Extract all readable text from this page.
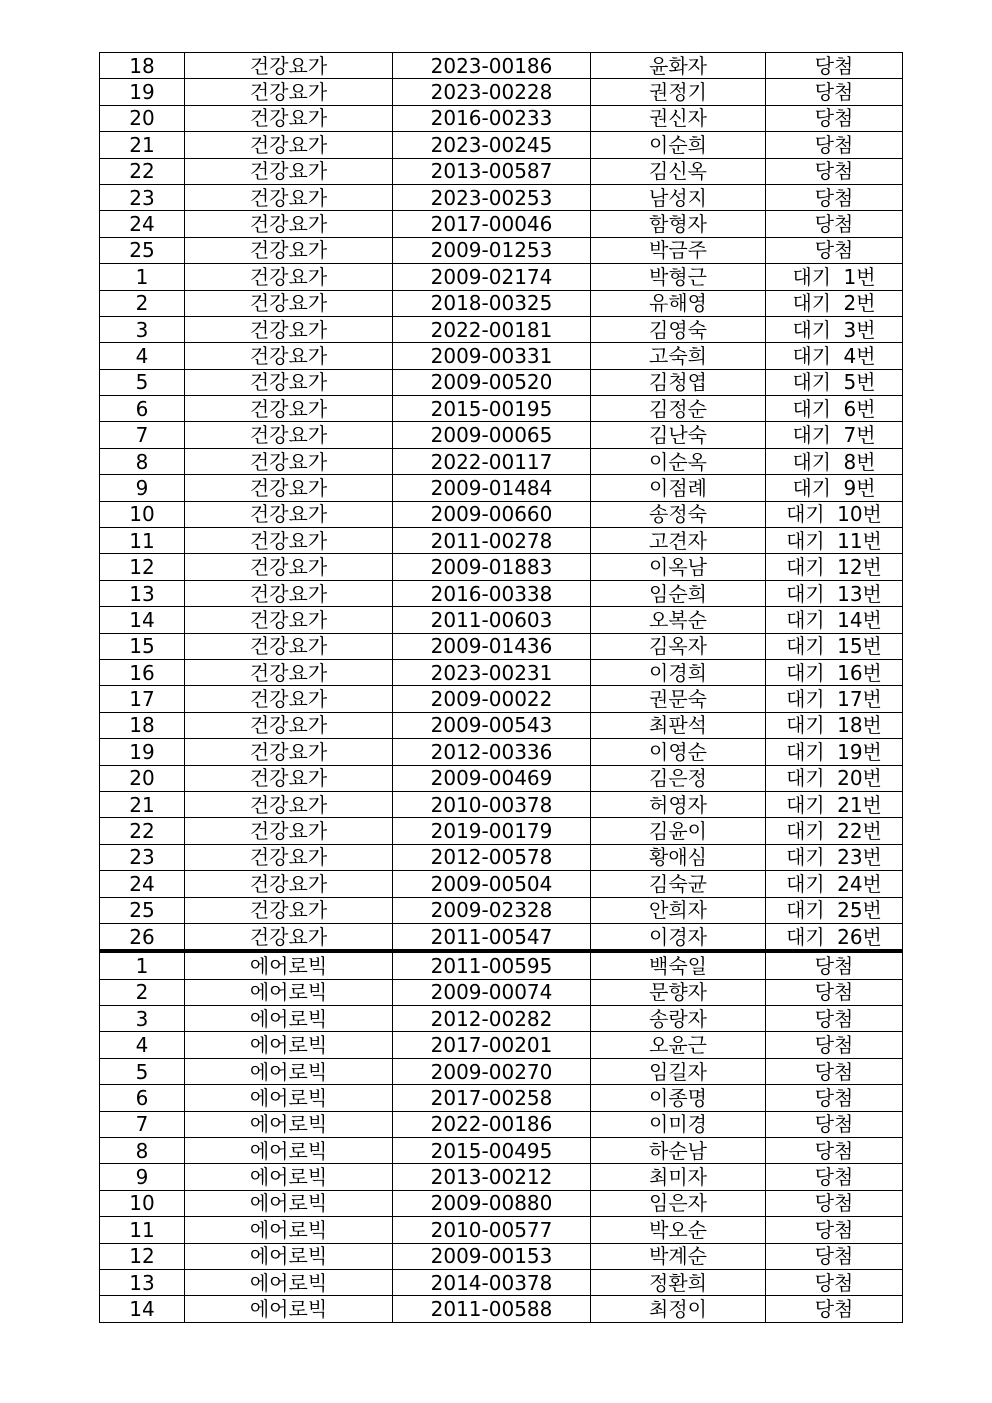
18	건강요가	2023-00186	윤화자	당첨
19	건강요가	2023-00228	권정기	당첨
20	건강요가	2016-00233	권신자	당첨
21	건강요가	2023-00245	이순희	당첨
22	건강요가	2013-00587	김신옥	당첨
23	건강요가	2023-00253	남성지	당첨
24	건강요가	2017-00046	함형자	당첨
25	건강요가	2009-01253	박금주	당첨
1	건강요가	2009-02174	박형근	대기 1번
2	건강요가	2018-00325	유해영	대기 2번
3	건강요가	2022-00181	김영숙	대기 3번
4	건강요가	2009-00331	고숙희	대기 4번
5	건강요가	2009-00520	김청엽	대기 5번
6	건강요가	2015-00195	김정순	대기 6번
7	건강요가	2009-00065	김난숙	대기 7번
8	건강요가	2022-00117	이순옥	대기 8번
9	건강요가	2009-01484	이점례	대기 9번
10	건강요가	2009-00660	송정숙	대기 10번
11	건강요가	2011-00278	고견자	대기 11번
12	건강요가	2009-01883	이옥남	대기 12번
13	건강요가	2016-00338	임순희	대기 13번
14	건강요가	2011-00603	오복순	대기 14번
15	건강요가	2009-01436	김옥자	대기 15번
16	건강요가	2023-00231	이경희	대기 16번
17	건강요가	2009-00022	권문숙	대기 17번
18	건강요가	2009-00543	최판석	대기 18번
19	건강요가	2012-00336	이영순	대기 19번
20	건강요가	2009-00469	김은정	대기 20번
21	건강요가	2010-00378	허영자	대기 21번
22	건강요가	2019-00179	김윤이	대기 22번
23	건강요가	2012-00578	황애심	대기 23번
24	건강요가	2009-00504	김숙균	대기 24번
25	건강요가	2009-02328	안희자	대기 25번
26	건강요가	2011-00547	이경자	대기 26번
1	에어로빅	2011-00595	백숙일	당첨
2	에어로빅	2009-00074	문향자	당첨
3	에어로빅	2012-00282	송랑자	당첨
4	에어로빅	2017-00201	오윤근	당첨
5	에어로빅	2009-00270	임길자	당첨
6	에어로빅	2017-00258	이종명	당첨
7	에어로빅	2022-00186	이미경	당첨
8	에어로빅	2015-00495	하순남	당첨
9	에어로빅	2013-00212	최미자	당첨
10	에어로빅	2009-00880	임은자	당첨
11	에어로빅	2010-00577	박오순	당첨
12	에어로빅	2009-00153	박계순	당첨
13	에어로빅	2014-00378	정환희	당첨
14	에어로빅	2011-00588	최정이	당첨
